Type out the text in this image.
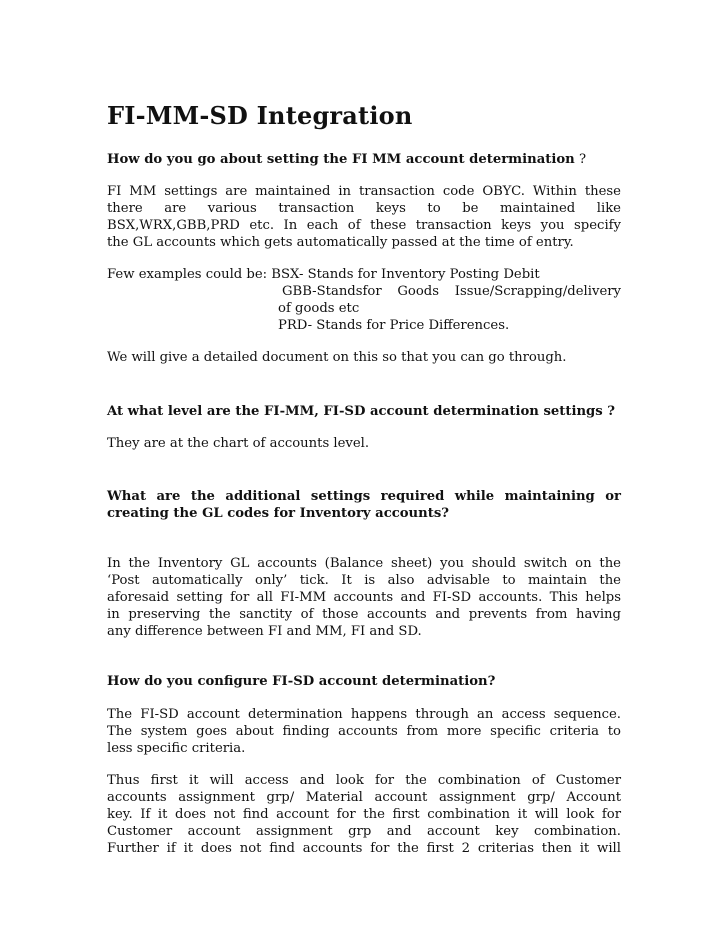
FI-MM-SD Integration
How do you go about setting the FI MM account determination ?
FI MM settings are maintained in transaction code OBYC. Within these
there are various transaction keys to be maintained like
BSX,WRX,GBB,PRD etc. In each of these transaction keys you specify
the GL accounts which gets automatically passed at the time of entry.
Few examples could be: BSX- Stands for Inventory Posting Debit
GBB-Standsfor Goods Issue/Scrapping/delivery
of goods etc
PRD- Stands for Price Differences.
We will give a detailed document on this so that you can go through.
At what level are the FI-MM, FI-SD account determination settings ?
They are at the chart of accounts level.
What are the additional settings required while maintaining or
creating the GL codes for Inventory accounts?
In the Inventory GL accounts (Balance sheet) you should switch on the
‘Post automatically only’ tick. It is also advisable to maintain the
aforesaid setting for all FI-MM accounts and FI-SD accounts. This helps
in preserving the sanctity of those accounts and prevents from having
any difference between FI and MM, FI and SD.
How do you configure FI-SD account determination?
The FI-SD account determination happens through an access sequence.
The system goes about finding accounts from more specific criteria to
less specific criteria.
Thus first it will access and look for the combination of Customer
accounts assignment grp/ Material account assignment grp/ Account
key. If it does not find account for the first combination it will look for
Customer account assignment grp and account key combination.
Further if it does not find accounts for the first 2 criterias then it will
